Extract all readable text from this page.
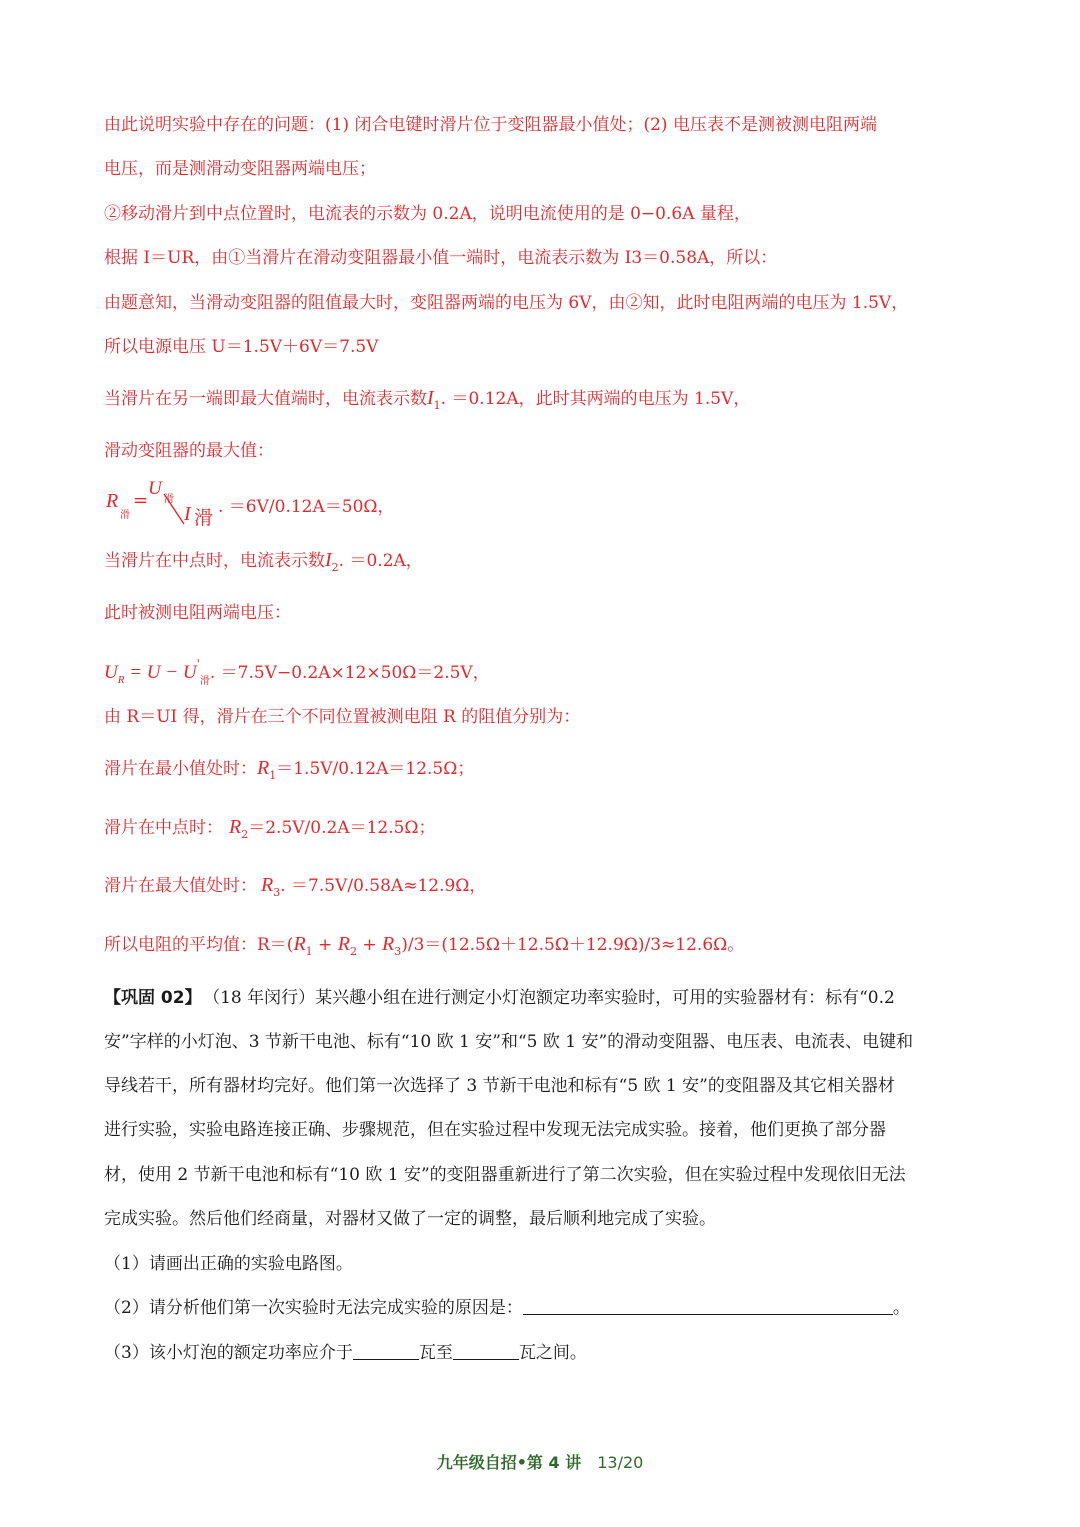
由此说明实验中存在的问题：(1) 闭合电键时滑片位于变阻器最小值处；(2) 电压表不是测被测电阻两端
电压，而是测滑动变阻器两端电压；
②移动滑片到中点位置时，电流表的示数为 0.2A，说明电流使用的是 0−0.6A 量程，
根据 I＝UR，由①当滑片在滑动变阻器最小值一端时，电流表示数为 I3＝0.58A，所以：
由题意知，当滑动变阻器的阻值最大时，变阻器两端的电压为 6V，由②知，此时电阻两端的电压为 1.5V，
所以电源电压 U＝1.5V＋6V＝7.5V
当滑片在另一端即最大值端时，电流表示数$I_1$. ＝0.12A，此时其两端的电压为 1.5V，
滑动变阻器的最大值：
R
滑
=
U
滑
I 滑 . ＝6V/0.12A＝50Ω，
当滑片在中点时，电流表示数$I_2$. ＝0.2A，
此时被测电阻两端电压：
$U_R = U - U'_滑$. ＝7.5V−0.2A×12×50Ω＝2.5V，
由 R＝UI 得，滑片在三个不同位置被测电阻 R 的阻值分别为：
滑片在最小值处时：$R_1=1.5V/0.12A=12.5\Omega$；
滑片在中点时： $R_2=2.5V/0.2A=12.5\Omega$；
滑片在最大值处时： $R_3$. ＝7.5V/0.58A≈12.9Ω，
所以电阻的平均值：$R=(R_1 + R_2 + R_3)/3=(12.5\Omega+12.5\Omega+12.9\Omega)/3\approx 12.6\Omega$。
【巩固 02】 （18 年闵行）某兴趣小组在进行测定小灯泡额定功率实验时，可用的实验器材有：标有“0.2
安”字样的小灯泡、3 节新干电池、标有“10 欧 1 安”和“5 欧 1 安”的滑动变阻器、电压表、电流表、电键和
导线若干，所有器材均完好。他们第一次选择了 3 节新干电池和标有“5 欧 1 安”的变阻器及其它相关器材
进行实验，实验电路连接正确、步骤规范，但在实验过程中发现无法完成实验。接着，他们更换了部分器
材，使用 2 节新干电池和标有“10 欧 1 安”的变阻器重新进行了第二次实验，但在实验过程中发现依旧无法
完成实验。然后他们经商量，对器材又做了一定的调整，最后顺利地完成了实验。
（1）请画出正确的实验电路图。
（2）请分析他们第一次实验时无法完成实验的原因是：	。
（3）该小灯泡的额定功率应介于	瓦至	瓦之间。
九年级自招•第 4 讲 13/20
